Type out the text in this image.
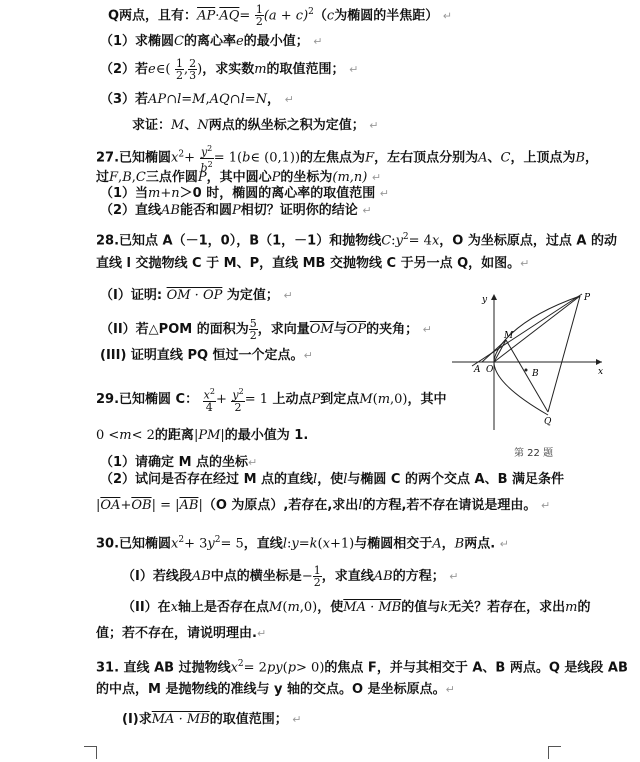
Q两点，且有：$\overline{AP}\cdot\overline{AQ}= \frac{1}{2} (a + c)^2(c$为椭圆的半焦距） ↵
（1）求椭圆C的离心率e的最小值； ↵
（2）若e∈( $\frac{1}{2}$ , $\frac{2}{3}$ )，求实数m的取值范围； ↵
（3）若AP∩l=M,AQ∩l=N， ↵
求证：M、N两点的纵坐标之积为定值； ↵
27.已知椭圆$x^2+ \frac{y^2}{b^2}$ = 1(b∈ (0,1))的左焦点为F，左右顶点分别为A、C，上顶点为B，
过F,B,C三点作圆P，其中圆心P的坐标为(m,n) ↵
（1）当m+n＞0 时，椭圆的离心率的取值范围 ↵
（2）直线AB能否和圆P相切？证明你的结论 ↵
28.已知点 A（－1，0），B（1，－1）和抛物线$C:y^2= 4x$，O 为坐标原点，过点 A 的动
直线 l 交抛物线 C 于 M、P，直线 MB 交抛物线 C 于另一点 Q，如图。↵
（I）证明: OM · OP 为定值； ↵
（II）若△POM 的面积为 $\frac{5}{2}$ ，求向量$\overline{OM}$与$\overline{OP}$的夹角； ↵
(III) 证明直线 PQ 恒过一个定点。↵
29.已知椭圆 C： $\frac{x^2}{4} + \frac{y^2}{2} = 1$ 上动点P到定点M(m,0)，其中
0 <m< 2的距离|PM|的最小值为 1.
（1）请确定 M 点的坐标↵
（2）试问是否存在经过 M 点的直线l，使l与椭圆 C 的两个交点 A、B 满足条件
$|\overline{OA}+\overline{OB}| = |\overline{AB}|(O$ 为原点）,若存在,求出l的方程,若不存在请说是理由。 ↵
30.已知椭圆$x^2+ 3y^2= 5$，直线l:y=k(x+1)与椭圆相交于A，B两点. ↵
（I）若线段AB中点的横坐标是− $\frac{1}{2}$ ，求直线AB的方程； ↵
（II）在x轴上是否存在点M(m,0)，使MA · MB的值与k无关？若存在，求出m的
值；若不存在，请说明理由.↵
31. 直线 AB 过抛物线$x^2= 2py(p> 0)$的焦点 F，并与其相交于 A、B 两点。Q 是线段 AB
的中点，M 是抛物线的准线与 y 轴的交点。O 是坐标原点。↵
(I)求MA · MB的取值范围； ↵
y	P
M
A O	x
B
Q
第 22 题
